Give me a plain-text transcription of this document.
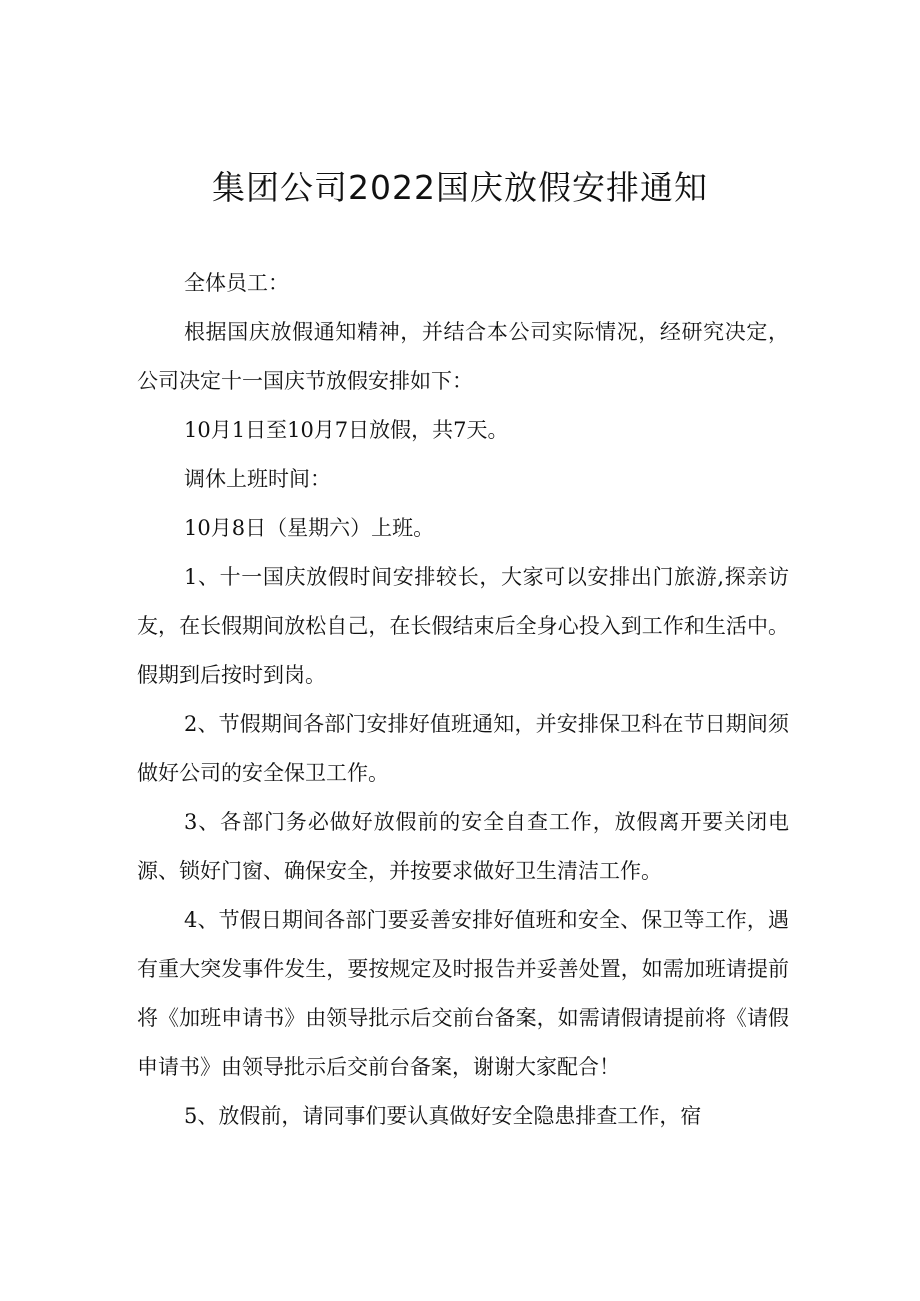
集团公司2022国庆放假安排通知

全体员工：

根据国庆放假通知精神，并结合本公司实际情况，经研究决定，公司决定十一国庆节放假安排如下：

10月1日至10月7日放假，共7天。

调休上班时间：

10月8日（星期六）上班。

1、十一国庆放假时间安排较长，大家可以安排出门旅游,探亲访友，在长假期间放松自己，在长假结束后全身心投入到工作和生活中。假期到后按时到岗。

2、节假期间各部门安排好值班通知，并安排保卫科在节日期间须做好公司的安全保卫工作。

3、各部门务必做好放假前的安全自查工作，放假离开要关闭电源、锁好门窗、确保安全，并按要求做好卫生清洁工作。

4、节假日期间各部门要妥善安排好值班和安全、保卫等工作，遇有重大突发事件发生，要按规定及时报告并妥善处置，如需加班请提前将《加班申请书》由领导批示后交前台备案，如需请假请提前将《请假申请书》由领导批示后交前台备案，谢谢大家配合！

5、放假前，请同事们要认真做好安全隐患排查工作，宿
